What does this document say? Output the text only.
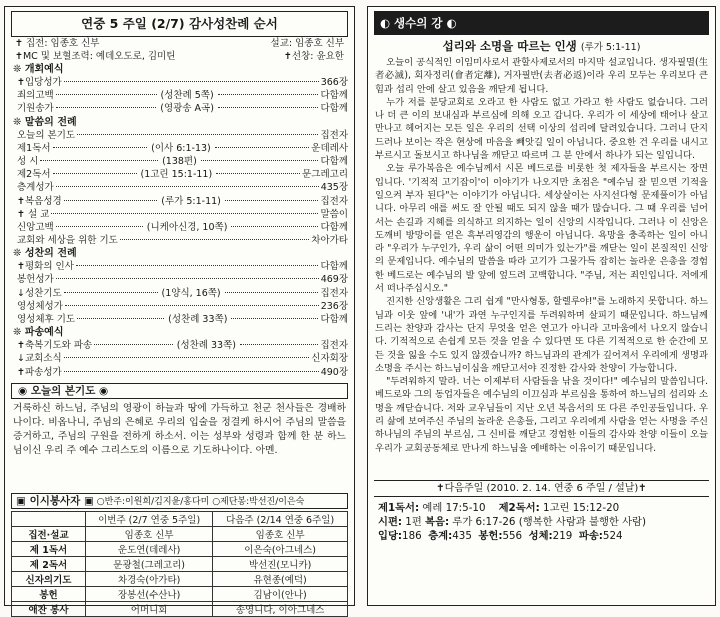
연중 5 주일 (2/7) 감사성찬례 순서
✝ 집전: 임종호 신부	설교: 임종호 신부
✝MC 및 보혈조력: 예데오도로, 김미틴	✝선창: 윤요한
❊ 개회예식
✝입당성가	366장
죄의고백	(성찬례 5쪽)	다함께
기원송가	(영광송 A곡)	다함께
❊ 말씀의 전례
오늘의 본기도	집전자
제1독서	(이사 6:1-13)	운데레사
성 시	(138편)	다함께
제2독서	(1고린 15:1-11)	문그레고리
층계성가	435장
✝복음성경	(루가 5:1-11)	집전자
✝ 설 교	말씀이
신앙고백	(니케아신경, 10쪽)	다함께
교회와 세상을 위한 기도	차아가타
❊ 성찬의 전례
✝평화의 인사	다함께
봉헌성가	469장
↓성찬기도	(1양식, 16쪽)	집전자
영성체성가	236장
영성체후 기도	(성찬례 33쪽)	다함께
❊ 파송예식
✝축복기도와 파송	(성찬례 33쪽)	집전자
↓교회소식	신자회장
✝파송성가	490장
◉ 오늘의 본기도 ◉
거룩하신 하느님, 주님의 영광이 하늘과 땅에 가득하고 천군 천사들은 경배하나이다. 비옵나니, 주님의 은혜로 우리의 입술을 정결케 하시어 주님의 말씀을 증거하고, 주님의 구원을 전하게 하소서. 이는 성부와 성령과 함께 한 분 하느님이신 우리 주 예수 그리스도의 이름으로 기도하나이다. 아멘.
▣ 이시봉사자 ▣ ○반주:이원희/김지윤/홍다미 ○제단봉:박선진/이은숙
	이번주 (2/7 연중 5주일)	다음주 (2/14 연중 6주일)
집전∙설교	임종호 신부	임종호 신부
제 1독서	운도연(데레사)	이은숙(아그네스)
제 2독서	문광철(그레고리)	박선진(모니카)
신자의기도	차경숙(아가타)	유현종(예덕)
봉헌	장봉선(수산나)	김남이(안나)
애찬 봉사	어머니회	송영니다, 이아그네스
◐ 생수의 강 ◐
섭리와 소명을 따르는 인생 (루가 5:1-11)

오늘이 공식적인 이임미사로서 관할사제로서의 마지막 설교입니다. 생자필멸(生者必滅), 회자정리(會者定離), 거자필반(去者必返)이라 우리 모두는 우리보다 큰 힘과 섭리 안에 살고 있음을 깨닫게 됩니다.

누가 저를 분당교회로 오라고 한 사람도 없고 가라고 한 사람도 없습니다. 그러나 더 큰 이의 보내심과 부르심에 의해 오고 갑니다. 우리가 이 세상에 태어나 살고 만나고 헤어지는 모든 일은 우리의 선택 이상의 섭리에 달려있습니다. 그러니 단지 드러나 보이는 작은 현상에 마음을 빼앗길 일이 아닙니다. 중요한 건 우리를 내시고 부르시고 돌보시고 하나님을 깨닫고 따르며 그 분 안에서 하나가 되는 일입니다.

오늘 루가복음은 예수님께서 시몬 베드로를 비롯한 첫 제자들을 부르시는 장면입니다. '기적적 고기잡이'이 이야기가 나오지만 초점은 "예수님 잘 믿으면 기적을 일으켜 부자 된다"는 이야기가 아닙니다. 세상살이는 사지선다형 문제풀이가 아닙니다. 아무리 애를 써도 잘 안될 때도 되지 않을 때가 많습니다. 그 때 우리를 넘어서는 손길과 지혜를 의식하고 의지하는 일이 신앙의 시작입니다. 그러나 이 신앙은 도깨비 방망이를 얻은 흑부리영감의 행운이 아닙니다. 욕망을 충족하는 일이 아니라 "우리가 누구인가, 우리 삶이 어떤 의미가 있는가"를 깨닫는 일이 본질적인 신앙의 문제입니다. 예수님의 말씀을 따라 고기가 그물가득 잡히는 놀라운 은총을 경험한 베드로는 예수님의 발 앞에 엎드려 고백합니다. "주님, 저는 죄인입니다. 저에게서 떠나주십시오."

진지한 신앙생활은 그리 쉽게 "만사형통, 할렐루야!"를 노래하지 못합니다. 하느님과 이웃 앞에 '내'가 과연 누구인지를 두려워하며 살피기 때문입니다. 하느님께 드리는 찬양과 감사는 단지 무엇을 얻은 연고가 아니라 고마움에서 나오지 않습니다. 기적적으로 손쉽게 모든 것을 얻을 수 있다면 또 다른 기적적으로 한 순간에 모든 것을 잃을 수도 있지 않겠습니까? 하느님과의 관계가 깊어져서 우리에게 생명과 소명을 주시는 하느님이심을 깨닫고서야 진정한 감사와 찬양이 가능합니다.

"두려워하지 말라. 너는 이제부터 사람들을 낚을 것이다!" 예수님의 말씀입니다. 베드로와 그의 동업자들은 예수님의 이끄심과 부르심을 통하여 하느님의 섭리와 소명을 깨닫습니다. 저와 교우님들이 지난 오년 복음서의 또 다른 주인공들입니다. 우리 삶에 보여주신 주님의 놀라운 은총들, 그리고 우리에게 사람을 얻는 사명을 주신 하나님의 주님의 부르심, 그 신비를 깨닫고 경험한 이들의 감사와 찬양 이들이 오늘 우리가 교회공동체로 만나게 하느님을 예배하는 이유이기 때문입니다.

✝다음주일 (2010. 2. 14. 연중 6 주일 / 설날)✝
제1독서: 예레 17:5-10 제2독서: 1고린 15:12-20
시편: 1편 복음: 루가 6:17-26 (행복한 사람과 불행한 사람)
입당:186 층계:435 봉헌:556 성체:219 파송:524
